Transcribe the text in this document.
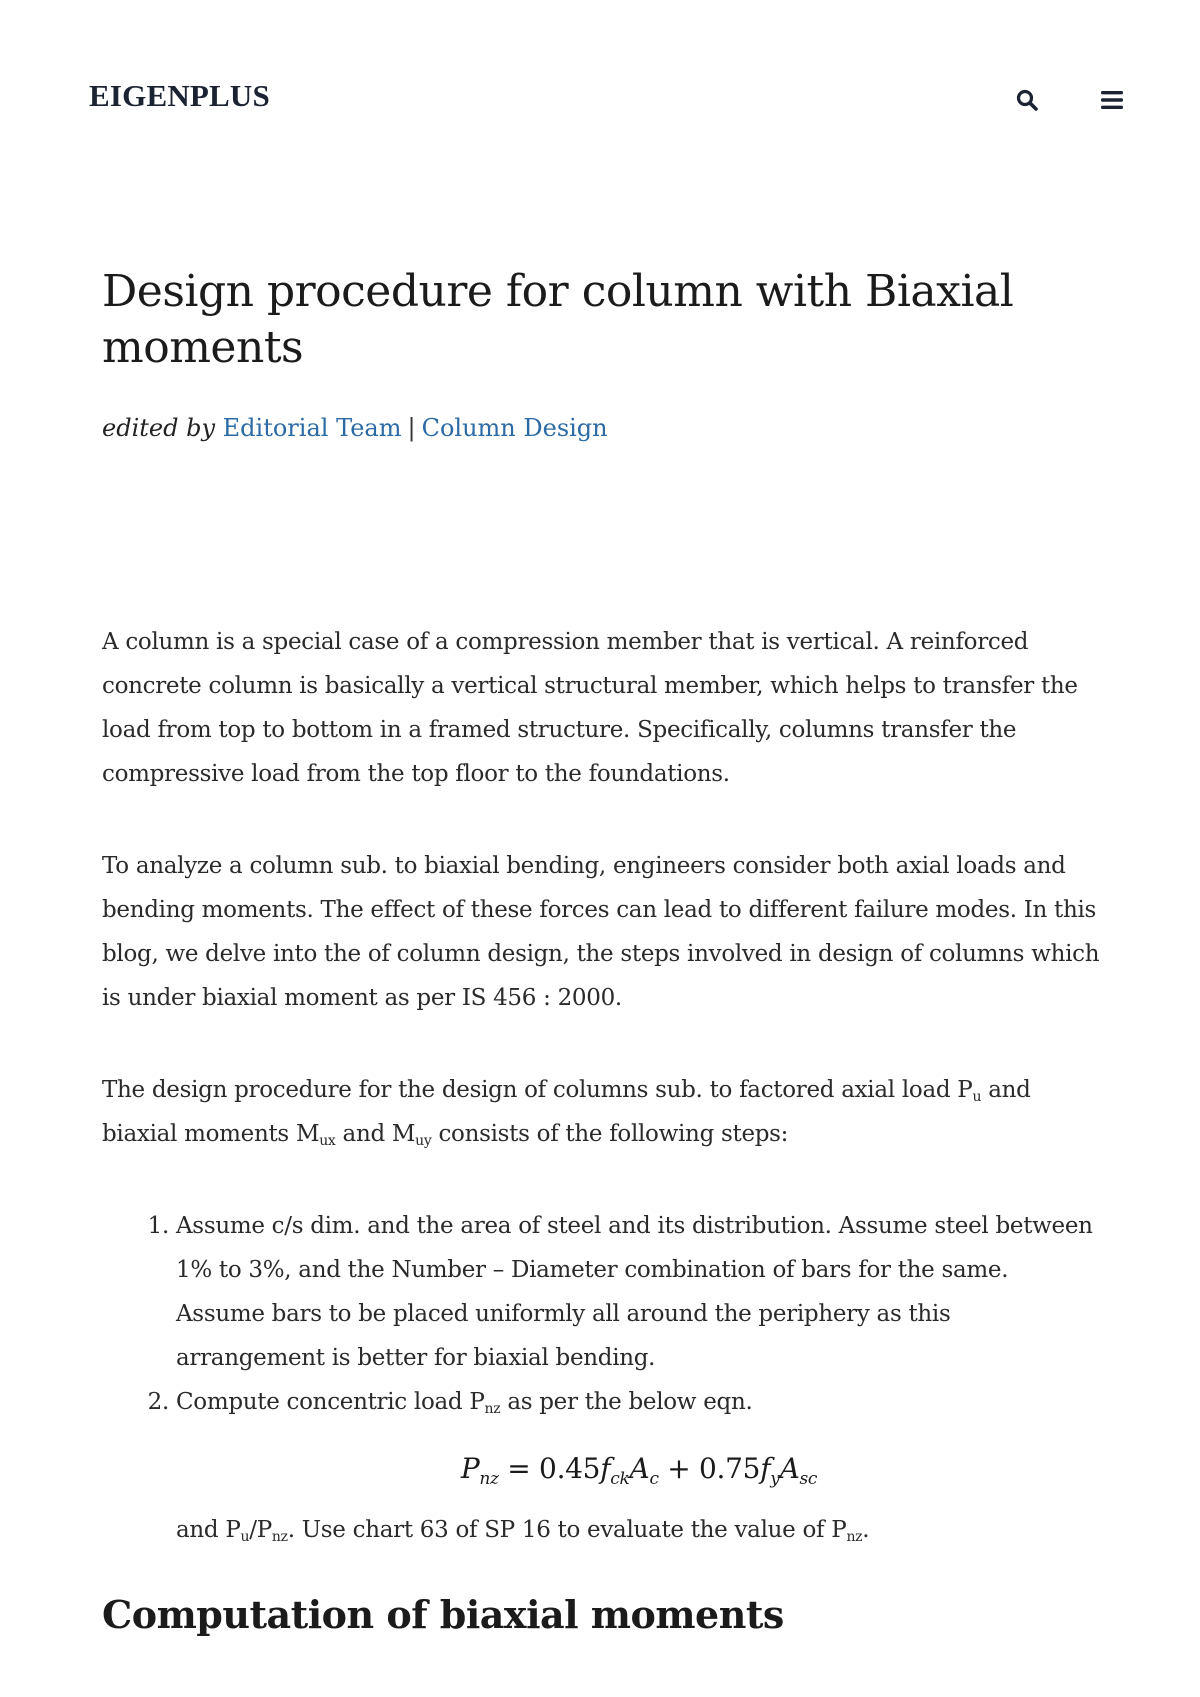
EIGENPLUS
Design procedure for column with Biaxial moments
edited by Editorial Team | Column Design

A column is a special case of a compression member that is vertical. A reinforced concrete column is basically a vertical structural member, which helps to transfer the load from top to bottom in a framed structure. Specifically, columns transfer the compressive load from the top floor to the foundations.

To analyze a column sub. to biaxial bending, engineers consider both axial loads and bending moments. The effect of these forces can lead to different failure modes. In this blog, we delve into the of column design, the steps involved in design of columns which is under biaxial moment as per IS 456 : 2000.

The design procedure for the design of columns sub. to factored axial load $P_u$ and biaxial moments $M_{ux}$ and $M_{uy}$ consists of the following steps:

1. Assume c/s dim. and the area of steel and its distribution. Assume steel between 1% to 3%, and the Number – Diameter combination of bars for the same. Assume bars to be placed uniformly all around the periphery as this arrangement is better for biaxial bending.
2. Compute concentric load $P_{nz}$ as per the below eqn.
$P_{nz} = 0.45f_{ck}A_c + 0.75f_yA_{sc}$
and $P_u/P_{nz}$. Use chart 63 of SP 16 to evaluate the value of $P_{nz}$.
Computation of biaxial moments
